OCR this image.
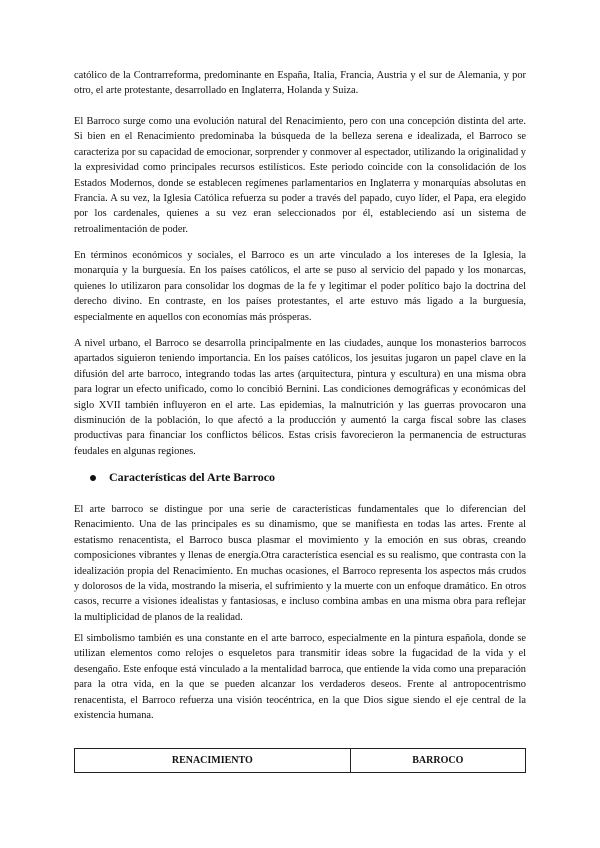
católico de la Contrarreforma, predominante en España, Italia, Francia, Austria y el sur de Alemania, y por otro, el arte protestante, desarrollado en Inglaterra, Holanda y Suiza.

El Barroco surge como una evolución natural del Renacimiento, pero con una concepción distinta del arte. Si bien en el Renacimiento predominaba la búsqueda de la belleza serena e idealizada, el Barroco se caracteriza por su capacidad de emocionar, sorprender y conmover al espectador, utilizando la originalidad y la expresividad como principales recursos estilísticos. Este periodo coincide con la consolidación de los Estados Modernos, donde se establecen regímenes parlamentarios en Inglaterra y monarquías absolutas en Francia. A su vez, la Iglesia Católica refuerza su poder a través del papado, cuyo líder, el Papa, era elegido por los cardenales, quienes a su vez eran seleccionados por él, estableciendo así un sistema de retroalimentación de poder.

En términos económicos y sociales, el Barroco es un arte vinculado a los intereses de la Iglesia, la monarquía y la burguesía. En los países católicos, el arte se puso al servicio del papado y los monarcas, quienes lo utilizaron para consolidar los dogmas de la fe y legitimar el poder político bajo la doctrina del derecho divino. En contraste, en los países protestantes, el arte estuvo más ligado a la burguesía, especialmente en aquellos con economías más prósperas.

A nivel urbano, el Barroco se desarrolla principalmente en las ciudades, aunque los monasterios barrocos apartados siguieron teniendo importancia. En los países católicos, los jesuitas jugaron un papel clave en la difusión del arte barroco, integrando todas las artes (arquitectura, pintura y escultura) en una misma obra para lograr un efecto unificado, como lo concibió Bernini. Las condiciones demográficas y económicas del siglo XVII también influyeron en el arte. Las epidemias, la malnutrición y las guerras provocaron una disminución de la población, lo que afectó a la producción y aumentó la carga fiscal sobre las clases productivas para financiar los conflictos bélicos. Estas crisis favorecieron la permanencia de estructuras feudales en algunas regiones.

Características del Arte Barroco

El arte barroco se distingue por una serie de características fundamentales que lo diferencian del Renacimiento. Una de las principales es su dinamismo, que se manifiesta en todas las artes. Frente al estatismo renacentista, el Barroco busca plasmar el movimiento y la emoción en sus obras, creando composiciones vibrantes y llenas de energía.Otra característica esencial es su realismo, que contrasta con la idealización propia del Renacimiento. En muchas ocasiones, el Barroco representa los aspectos más crudos y dolorosos de la vida, mostrando la miseria, el sufrimiento y la muerte con un enfoque dramático. En otros casos, recurre a visiones idealistas y fantasiosas, e incluso combina ambas en una misma obra para reflejar la multiplicidad de planos de la realidad.

El simbolismo también es una constante en el arte barroco, especialmente en la pintura española, donde se utilizan elementos como relojes o esqueletos para transmitir ideas sobre la fugacidad de la vida y el desengaño. Este enfoque está vinculado a la mentalidad barroca, que entiende la vida como una preparación para la otra vida, en la que se pueden alcanzar los verdaderos deseos. Frente al antropocentrismo renacentista, el Barroco refuerza una visión teocéntrica, en la que Dios sigue siendo el eje central de la existencia humana.

RENACIMIENTO	BARROCO
